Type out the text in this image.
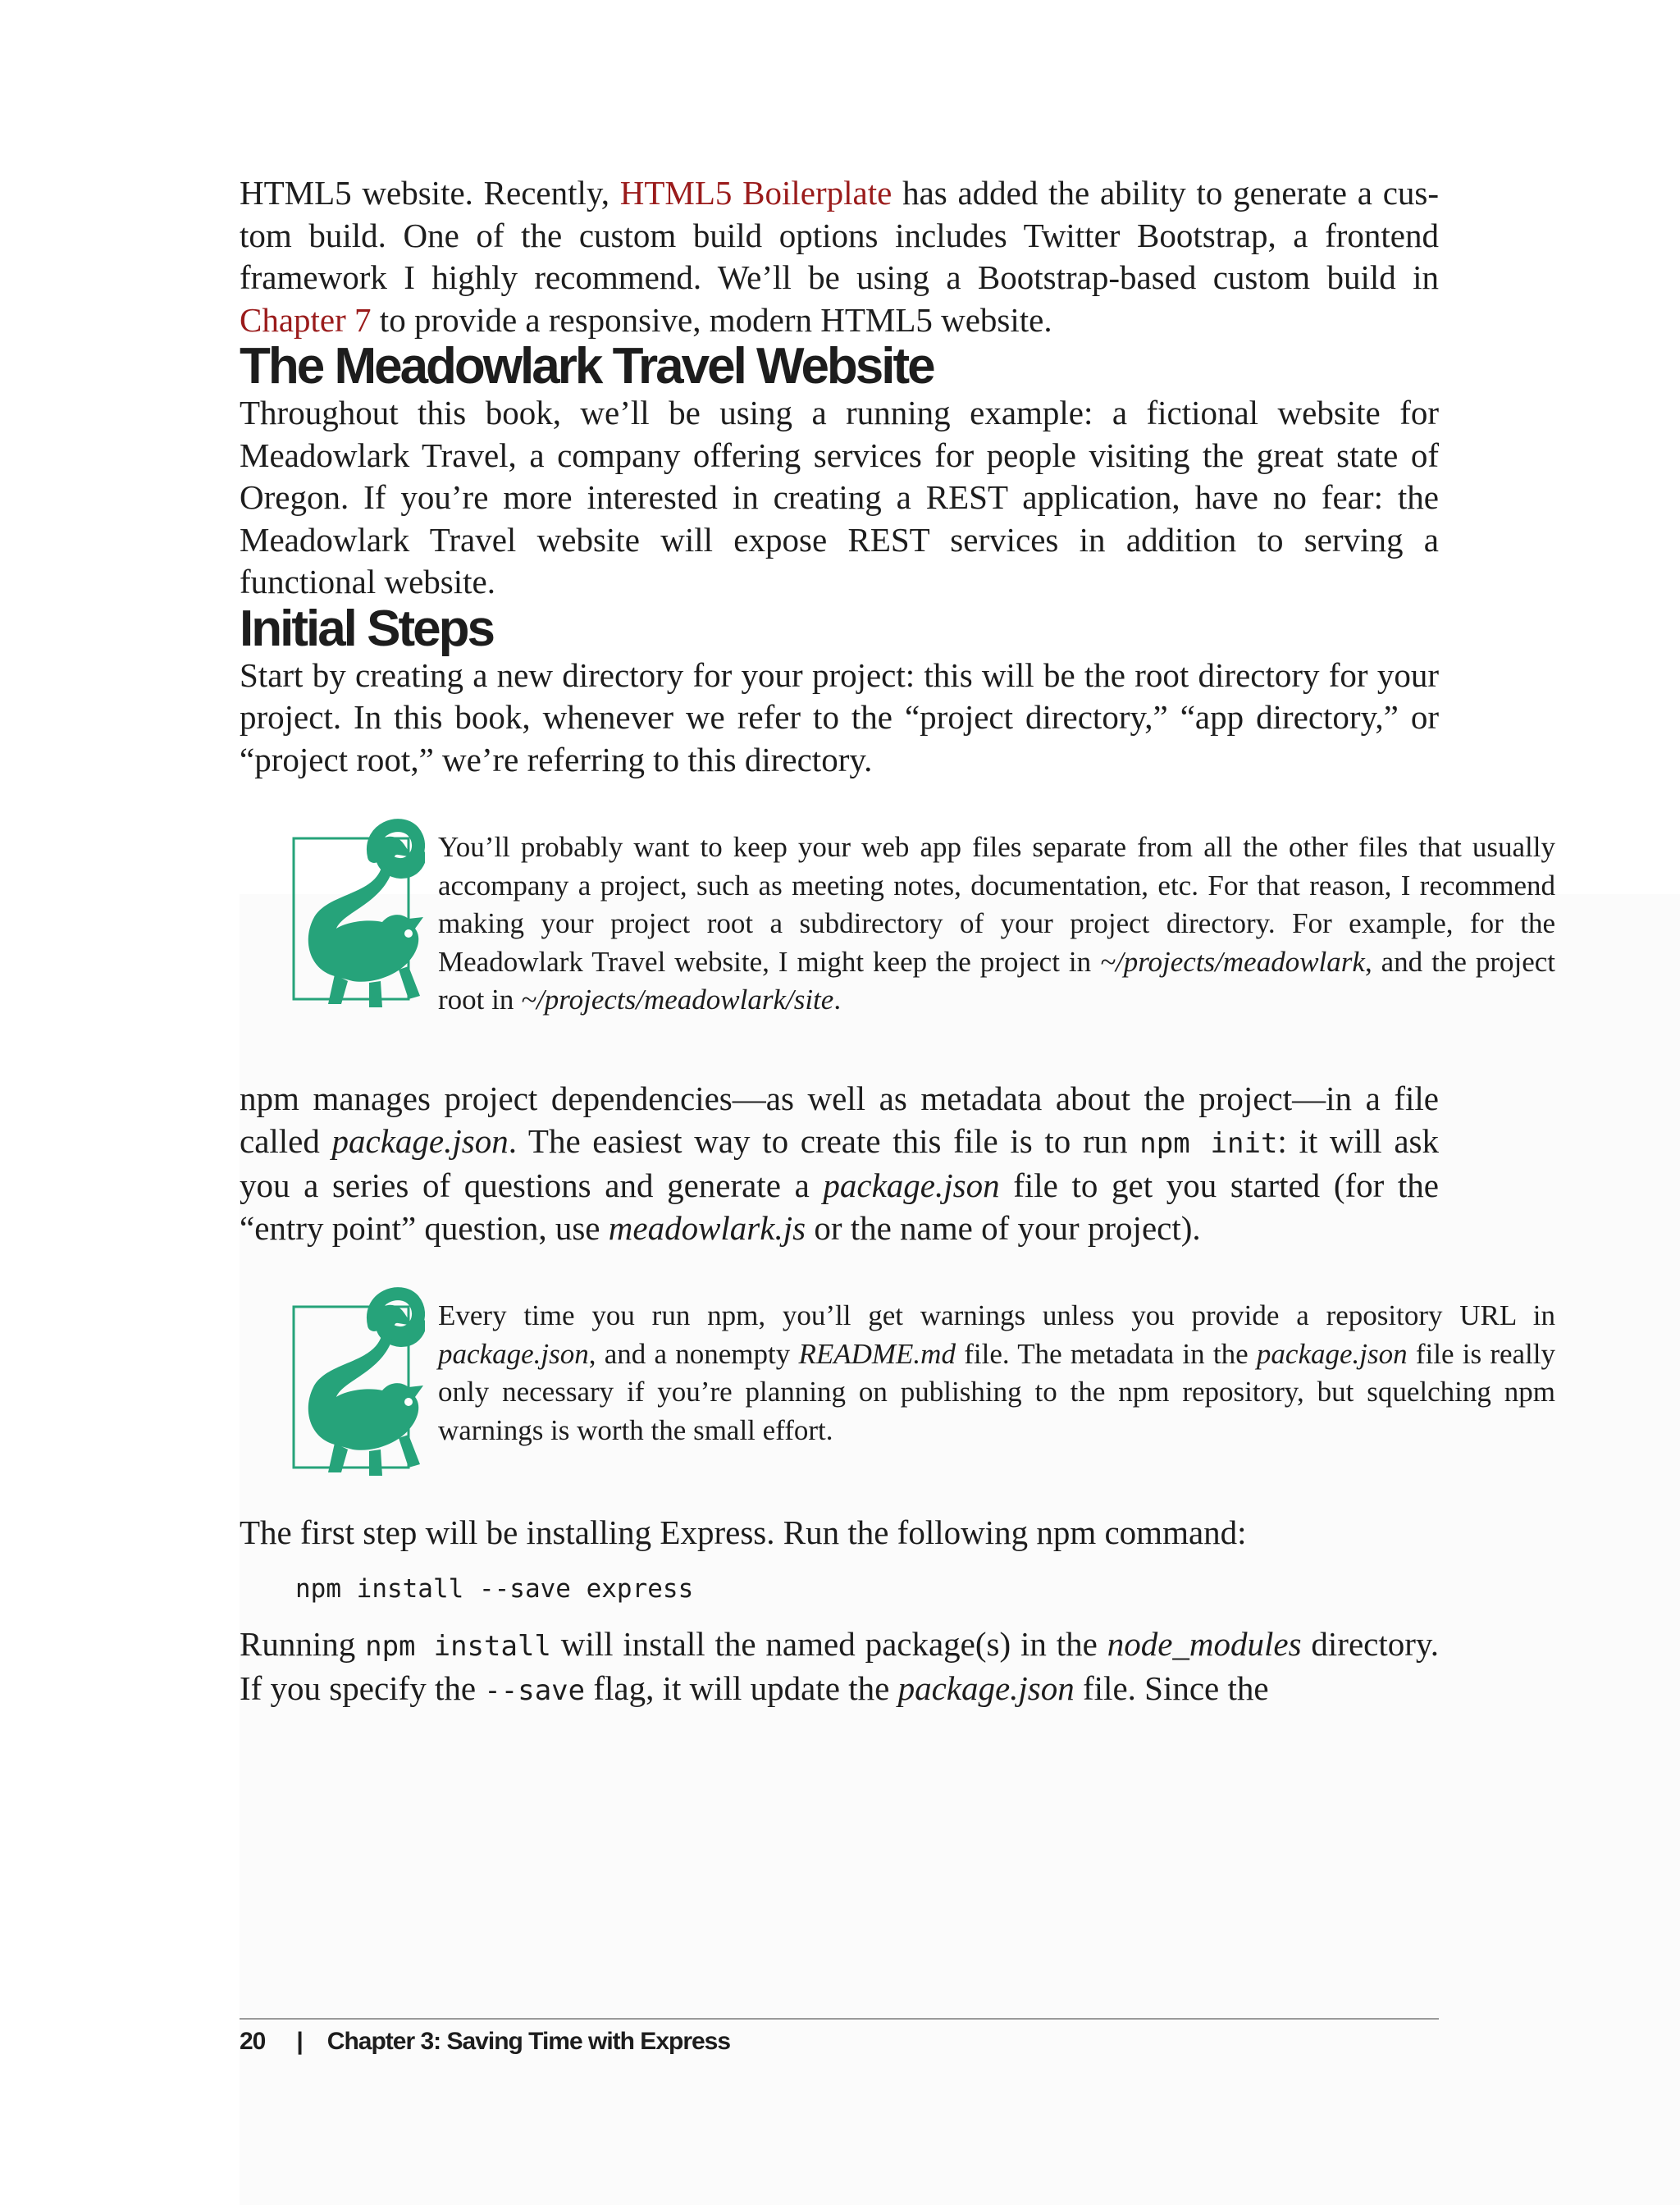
HTML5 website. Recently, HTML5 Boilerplate has added the ability to generate a custom build. One of the custom build options includes Twitter Bootstrap, a frontend framework I highly recommend. We’ll be using a Bootstrap-based custom build in Chapter 7 to provide a responsive, modern HTML5 website.

The Meadowlark Travel Website

Throughout this book, we’ll be using a running example: a fictional website for Meadowlark Travel, a company offering services for people visiting the great state of Oregon. If you’re more interested in creating a REST application, have no fear: the Meadowlark Travel website will expose REST services in addition to serving a functional website.

Initial Steps

Start by creating a new directory for your project: this will be the root directory for your project. In this book, whenever we refer to the “project directory,” “app directory,” or “project root,” we’re referring to this directory.

You’ll probably want to keep your web app files separate from all the other files that usually accompany a project, such as meeting notes, documentation, etc. For that reason, I recommend making your project root a subdirectory of your project directory. For example, for the Meadowlark Travel website, I might keep the project in ~/projects/meadowlark, and the project root in ~/projects/meadowlark/site.

npm manages project dependencies—as well as metadata about the project—in a file called package.json. The easiest way to create this file is to run npm init: it will ask you a series of questions and generate a package.json file to get you started (for the “entry point” question, use meadowlark.js or the name of your project).

Every time you run npm, you’ll get warnings unless you provide a repository URL in package.json, and a nonempty README.md file. The metadata in the package.json file is really only necessary if you’re planning on publishing to the npm repository, but squelching npm warnings is worth the small effort.

The first step will be installing Express. Run the following npm command:

npm install --save express

Running npm install will install the named package(s) in the node_modules directory. If you specify the --save flag, it will update the package.json file. Since the

20 | Chapter 3: Saving Time with Express
